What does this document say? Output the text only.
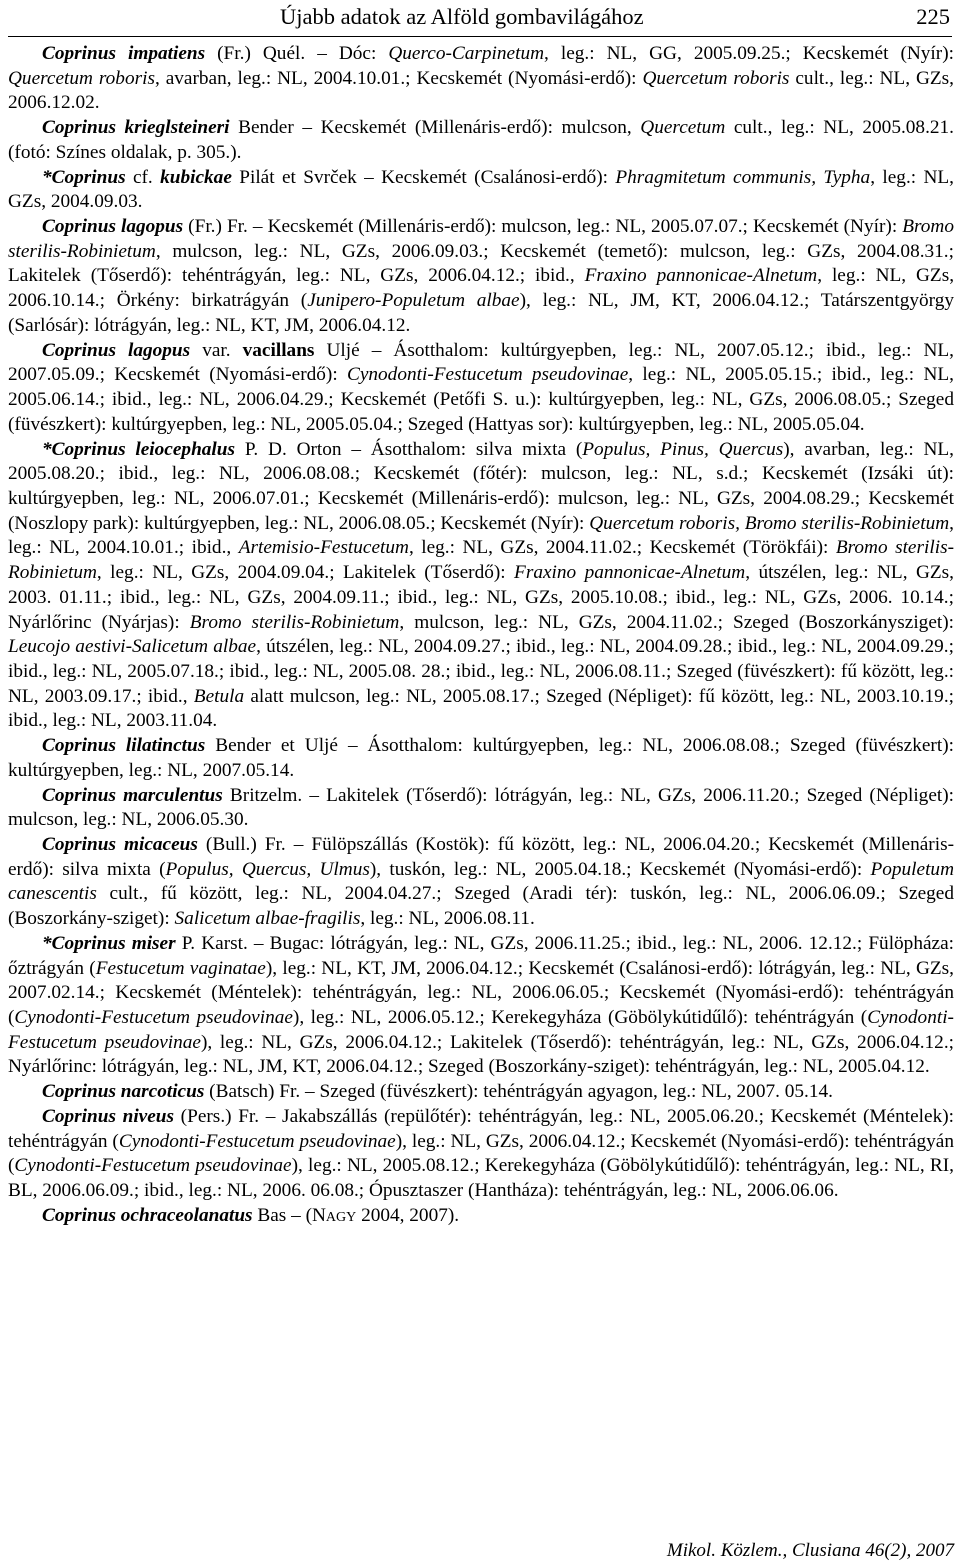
Újabb adatok az Alföld gombavilágához	225

Coprinus impatiens (Fr.) Quél. – Dóc: Querco-Carpinetum, leg.: NL, GG, 2005.09.25.; Kecskemét (Nyír): Quercetum roboris, avarban, leg.: NL, 2004.10.01.; Kecskemét (Nyomási-erdő): Quercetum roboris cult., leg.: NL, GZs, 2006.12.02.

Coprinus krieglsteineri Bender – Kecskemét (Millenáris-erdő): mulcson, Quercetum cult., leg.: NL, 2005.08.21. (fotó: Színes oldalak, p. 305.).

*Coprinus cf. kubickae Pilát et Svrček – Kecskemét (Csalánosi-erdő): Phragmitetum communis, Typha, leg.: NL, GZs, 2004.09.03.

Coprinus lagopus (Fr.) Fr. – Kecskemét (Millenáris-erdő): mulcson, leg.: NL, 2005.07.07.; Kecskemét (Nyír): Bromo sterilis-Robinietum, mulcson, leg.: NL, GZs, 2006.09.03.; Kecskemét (temető): mulcson, leg.: GZs, 2004.08.31.; Lakitelek (Tőserdő): tehéntrágyán, leg.: NL, GZs, 2006.04.12.; ibid., Fraxino pannonicae-Alnetum, leg.: NL, GZs, 2006.10.14.; Örkény: birkatrágyán (Junipero-Populetum albae), leg.: NL, JM, KT, 2006.04.12.; Tatárszentgyörgy (Sarlósár): lótrágyán, leg.: NL, KT, JM, 2006.04.12.

Coprinus lagopus var. vacillans Uljé – Ásotthalom: kultúrgyepben, leg.: NL, 2007.05.12.; ibid., leg.: NL, 2007.05.09.; Kecskemét (Nyomási-erdő): Cynodonti-Festucetum pseudovinae, leg.: NL, 2005.05.15.; ibid., leg.: NL, 2005.06.14.; ibid., leg.: NL, 2006.04.29.; Kecskemét (Petőfi S. u.): kultúrgyepben, leg.: NL, GZs, 2006.08.05.; Szeged (füvészkert): kultúrgyepben, leg.: NL, 2005.05.04.; Szeged (Hattyas sor): kultúrgyepben, leg.: NL, 2005.05.04.

*Coprinus leiocephalus P. D. Orton – Ásotthalom: silva mixta (Populus, Pinus, Quercus), avarban, leg.: NL, 2005.08.20.; ibid., leg.: NL, 2006.08.08.; Kecskemét (főtér): mulcson, leg.: NL, s.d.; Kecskemét (Izsáki út): kultúrgyepben, leg.: NL, 2006.07.01.; Kecskemét (Millenáris-erdő): mulcson, leg.: NL, GZs, 2004.08.29.; Kecskemét (Noszlopy park): kultúrgyepben, leg.: NL, 2006.08.05.; Kecskemét (Nyír): Quercetum roboris, Bromo sterilis-Robinietum, leg.: NL, 2004.10.01.; ibid., Artemisio-Festucetum, leg.: NL, GZs, 2004.11.02.; Kecskemét (Törökfái): Bromo sterilis-Robinietum, leg.: NL, GZs, 2004.09.04.; Lakitelek (Tőserdő): Fraxino pannonicae-Alnetum, útszélen, leg.: NL, GZs, 2003. 01.11.; ibid., leg.: NL, GZs, 2004.09.11.; ibid., leg.: NL, GZs, 2005.10.08.; ibid., leg.: NL, GZs, 2006. 10.14.; Nyárlőrinc (Nyárjas): Bromo sterilis-Robinietum, mulcson, leg.: NL, GZs, 2004.11.02.; Szeged (Boszorkánysziget): Leucojo aestivi-Salicetum albae, útszélen, leg.: NL, 2004.09.27.; ibid., leg.: NL, 2004.09.28.; ibid., leg.: NL, 2004.09.29.; ibid., leg.: NL, 2005.07.18.; ibid., leg.: NL, 2005.08. 28.; ibid., leg.: NL, 2006.08.11.; Szeged (füvészkert): fű között, leg.: NL, 2003.09.17.; ibid., Betula alatt mulcson, leg.: NL, 2005.08.17.; Szeged (Népliget): fű között, leg.: NL, 2003.10.19.; ibid., leg.: NL, 2003.11.04.

Coprinus lilatinctus Bender et Uljé – Ásotthalom: kultúrgyepben, leg.: NL, 2006.08.08.; Szeged (füvészkert): kultúrgyepben, leg.: NL, 2007.05.14.

Coprinus marculentus Britzelm. – Lakitelek (Tőserdő): lótrágyán, leg.: NL, GZs, 2006.11.20.; Szeged (Népliget): mulcson, leg.: NL, 2006.05.30.

Coprinus micaceus (Bull.) Fr. – Fülöpszállás (Kostök): fű között, leg.: NL, 2006.04.20.; Kecskemét (Millenáris-erdő): silva mixta (Populus, Quercus, Ulmus), tuskón, leg.: NL, 2005.04.18.; Kecskemét (Nyomási-erdő): Populetum canescentis cult., fű között, leg.: NL, 2004.04.27.; Szeged (Aradi tér): tuskón, leg.: NL, 2006.06.09.; Szeged (Boszorkány-sziget): Salicetum albae-fragilis, leg.: NL, 2006.08.11.

*Coprinus miser P. Karst. – Bugac: lótrágyán, leg.: NL, GZs, 2006.11.25.; ibid., leg.: NL, 2006. 12.12.; Fülöpháza: őztrágyán (Festucetum vaginatae), leg.: NL, KT, JM, 2006.04.12.; Kecskemét (Csalánosi-erdő): lótrágyán, leg.: NL, GZs, 2007.02.14.; Kecskemét (Méntelek): tehéntrágyán, leg.: NL, 2006.06.05.; Kecskemét (Nyomási-erdő): tehéntrágyán (Cynodonti-Festucetum pseudovinae), leg.: NL, 2006.05.12.; Kerekegyháza (Göbölykútidűlő): tehéntrágyán (Cynodonti-Festucetum pseudovinae), leg.: NL, GZs, 2006.04.12.; Lakitelek (Tőserdő): tehéntrágyán, leg.: NL, GZs, 2006.04.12.; Nyárlőrinc: lótrágyán, leg.: NL, JM, KT, 2006.04.12.; Szeged (Boszorkány-sziget): tehéntrágyán, leg.: NL, 2005.04.12.

Coprinus narcoticus (Batsch) Fr. – Szeged (füvészkert): tehéntrágyán agyagon, leg.: NL, 2007. 05.14.

Coprinus niveus (Pers.) Fr. – Jakabszállás (repülőtér): tehéntrágyán, leg.: NL, 2005.06.20.; Kecskemét (Méntelek): tehéntrágyán (Cynodonti-Festucetum pseudovinae), leg.: NL, GZs, 2006.04.12.; Kecskemét (Nyomási-erdő): tehéntrágyán (Cynodonti-Festucetum pseudovinae), leg.: NL, 2005.08.12.; Kerekegyháza (Göbölykútidűlő): tehéntrágyán, leg.: NL, RI, BL, 2006.06.09.; ibid., leg.: NL, 2006. 06.08.; Ópusztaszer (Hantháza): tehéntrágyán, leg.: NL, 2006.06.06.

Coprinus ochraceolanatus Bas – (Nagy 2004, 2007).

Mikol. Közlem., Clusiana 46(2), 2007
